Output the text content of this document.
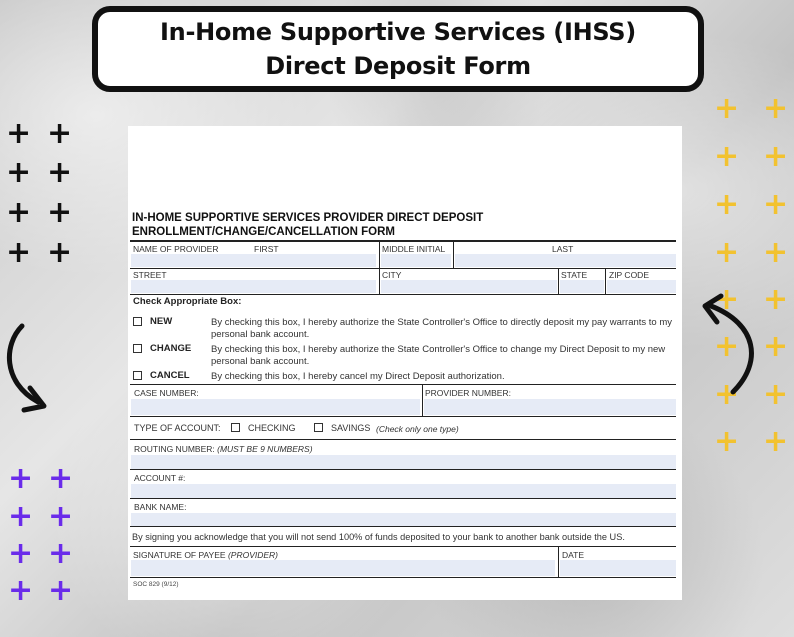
In-Home Supportive Services (IHSS)
Direct Deposit Form
+ +
+ +
+ +
+ +
+ +
+ +
+ +
+ +
+ +
+ +
+ +
+ +
+ +
+ +
+ +
+ +
IN-HOME SUPPORTIVE SERVICES PROVIDER DIRECT DEPOSIT
ENROLLMENT/CHANGE/CANCELLATION FORM
NAME OF PROVIDER	FIRST	MIDDLE INITIAL	LAST
STREET	CITY	STATE	ZIP CODE
Check Appropriate Box:
NEW	By checking this box, I hereby authorize the State Controller's Office to directly deposit my pay warrants to my personal bank account.
CHANGE By checking this box, I hereby authorize the State Controller's Office to change my Direct Deposit to my new personal bank account.
CANCEL By checking this box, I hereby cancel my Direct Deposit authorization.
CASE NUMBER:	PROVIDER NUMBER:
TYPE OF ACCOUNT:	CHECKING	SAVINGS (Check only one type)
ROUTING NUMBER: (MUST BE 9 NUMBERS)
ACCOUNT #:
BANK NAME:
By signing you acknowledge that you will not send 100% of funds deposited to your bank to another bank outside the US.
SIGNATURE OF PAYEE (PROVIDER)	DATE
SOC 829 (9/12)
